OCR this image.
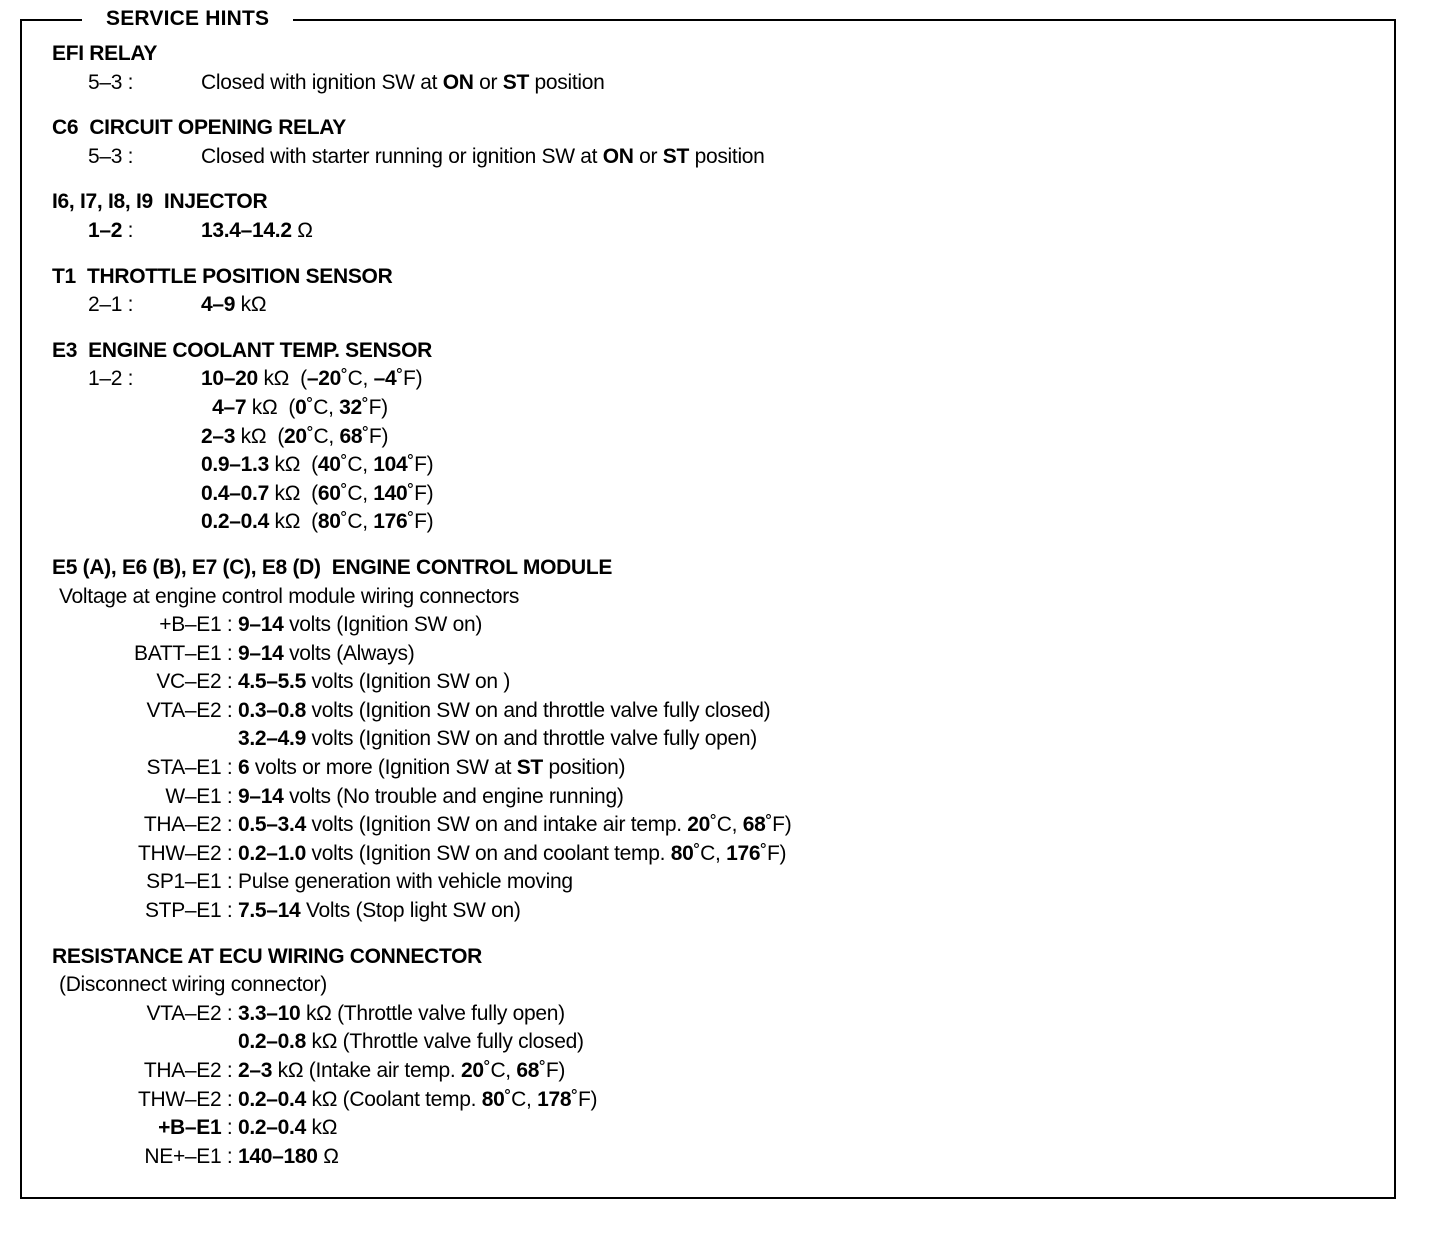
SERVICE HINTS
EFI RELAY
5–3 :	Closed with ignition SW at ON or ST position
C6  CIRCUIT OPENING RELAY
5–3 :	Closed with starter running or ignition SW at ON or ST position
I6, I7, I8, I9  INJECTOR
1–2 :	13.4–14.2 Ω
T1  THROTTLE POSITION SENSOR
2–1 :	4–9 kΩ
E3  ENGINE COOLANT TEMP. SENSOR
1–2 :	10–20 kΩ  (–20˚C, –4˚F)
4–7 kΩ  (0˚C, 32˚F)
2–3 kΩ  (20˚C, 68˚F)
0.9–1.3 kΩ  (40˚C, 104˚F)
0.4–0.7 kΩ  (60˚C, 140˚F)
0.2–0.4 kΩ  (80˚C, 176˚F)
E5 (A), E6 (B), E7 (C), E8 (D)  ENGINE CONTROL MODULE
Voltage at engine control module wiring connectors
+B–E1 : 9–14 volts (Ignition SW on)
BATT–E1 : 9–14 volts (Always)
VC–E2 : 4.5–5.5 volts (Ignition SW on )
VTA–E2 : 0.3–0.8 volts (Ignition SW on and throttle valve fully closed)
3.2–4.9 volts (Ignition SW on and throttle valve fully open)
STA–E1 : 6 volts or more (Ignition SW at ST position)
W–E1 : 9–14 volts (No trouble and engine running)
THA–E2 : 0.5–3.4 volts (Ignition SW on and intake air temp. 20˚C, 68˚F)
THW–E2 : 0.2–1.0 volts (Ignition SW on and coolant temp. 80˚C, 176˚F)
SP1–E1 : Pulse generation with vehicle moving
STP–E1 : 7.5–14 Volts (Stop light SW on)
RESISTANCE AT ECU WIRING CONNECTOR
(Disconnect wiring connector)
VTA–E2 : 3.3–10 kΩ (Throttle valve fully open)
0.2–0.8 kΩ (Throttle valve fully closed)
THA–E2 : 2–3 kΩ (Intake air temp. 20˚C, 68˚F)
THW–E2 : 0.2–0.4 kΩ (Coolant temp. 80˚C, 178˚F)
+B–E1 : 0.2–0.4 kΩ
NE+–E1 : 140–180 Ω
